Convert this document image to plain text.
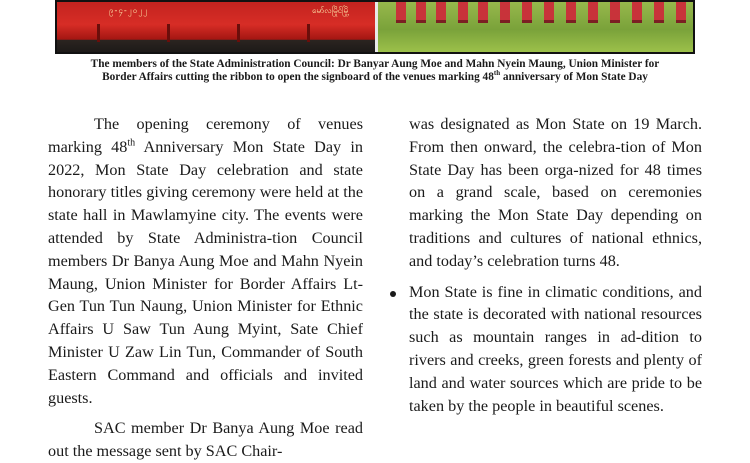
၉-၄-၂၀၂၂	မော်လမြိုင်မြို့

The members of the State Administration Council: Dr Banyar Aung Moe and Mahn Nyein Maung, Union Minister for
Border Affairs cutting the ribbon to open the signboard of the venues marking 48th anniversary of Mon State Day

The opening ceremony of venues marking 48th Anniversary Mon State Day in 2022, Mon State Day celebration and state honorary titles giving ceremony were held at the state hall in Mawlamyine city. The events were attended by State Administra-tion Council members Dr Banya Aung Moe and Mahn Nyein Maung, Union Minister for Border Affairs Lt-Gen Tun Tun Naung, Union Minister for Ethnic Affairs U Saw Tun Aung Myint, Sate Chief Minister U Zaw Lin Tun, Commander of South Eastern Command and officials and invited guests.

SAC member Dr Banya Aung Moe read out the message sent by SAC Chair-

was designated as Mon State on 19 March. From then onward, the celebra-tion of Mon State Day has been orga-nized for 48 times on a grand scale, based on ceremonies marking the Mon State Day depending on traditions and cultures of national ethnics, and today’s celebration turns 48.

Mon State is fine in climatic conditions, and the state is decorated with national resources such as mountain ranges in ad-dition to rivers and creeks, green forests and plenty of land and water sources which are pride to be taken by the people in beautiful scenes.
